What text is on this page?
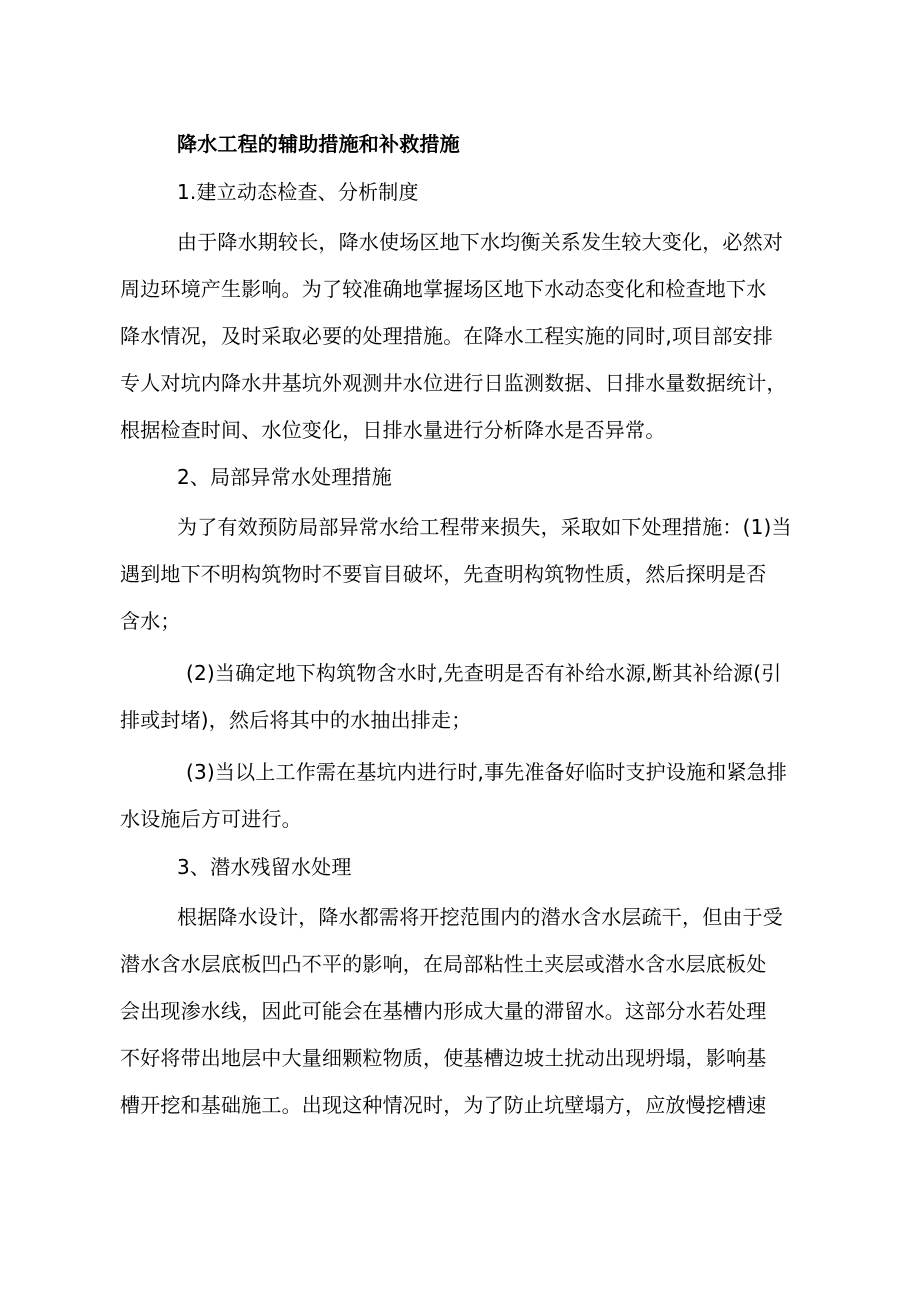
降水工程的辅助措施和补救措施
1.建立动态检查、分析制度
由于降水期较长，降水使场区地下水均衡关系发生较大变化，必然对
周边环境产生影响。为了较准确地掌握场区地下水动态变化和检查地下水
降水情况，及时采取必要的处理措施。在降水工程实施的同时,项目部安排
专人对坑内降水井基坑外观测井水位进行日监测数据、日排水量数据统计，
根据检查时间、水位变化，日排水量进行分析降水是否异常。
2、局部异常水处理措施
为了有效预防局部异常水给工程带来损失，采取如下处理措施：(1)当
遇到地下不明构筑物时不要盲目破坏，先查明构筑物性质，然后探明是否
含水；
(2)当确定地下构筑物含水时,先查明是否有补给水源,断其补给源(引
排或封堵)，然后将其中的水抽出排走；
(3)当以上工作需在基坑内进行时,事先准备好临时支护设施和紧急排
水设施后方可进行。
3、潜水残留水处理
根据降水设计，降水都需将开挖范围内的潜水含水层疏干，但由于受
潜水含水层底板凹凸不平的影响，在局部粘性土夹层或潜水含水层底板处
会出现渗水线，因此可能会在基槽内形成大量的滞留水。这部分水若处理
不好将带出地层中大量细颗粒物质，使基槽边坡土扰动出现坍塌，影响基
槽开挖和基础施工。出现这种情况时，为了防止坑壁塌方，应放慢挖槽速
